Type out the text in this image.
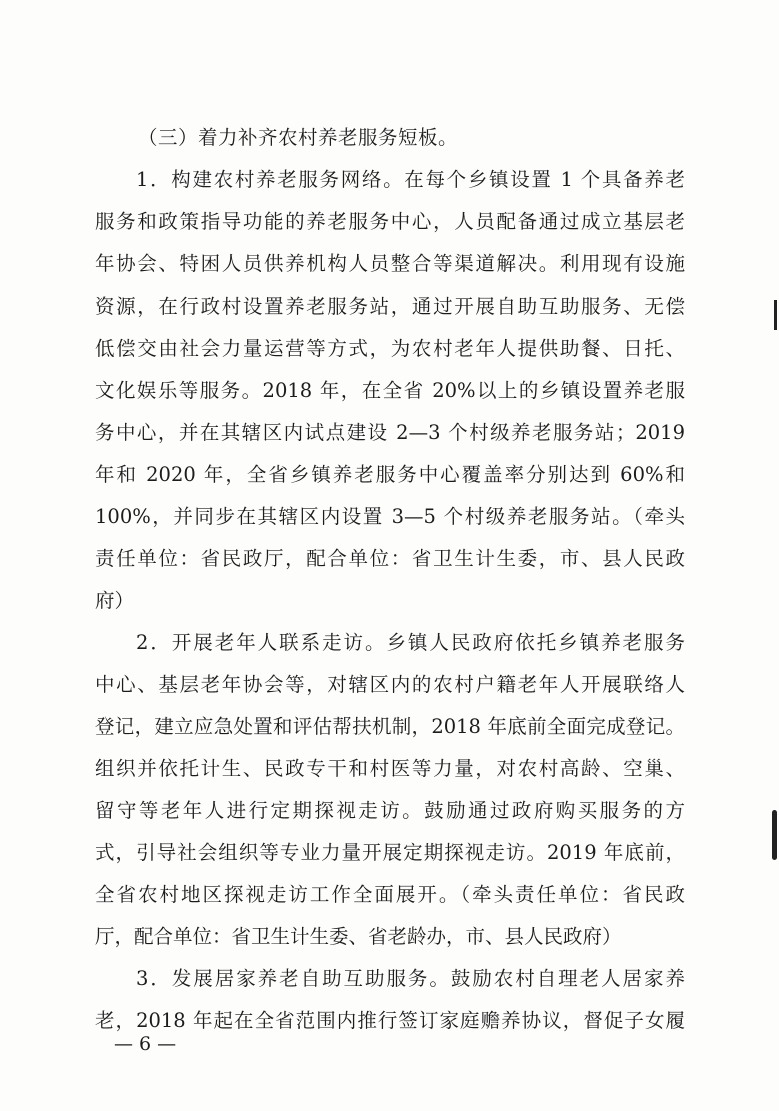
（三）着力补齐农村养老服务短板。
1．构建农村养老服务网络。在每个乡镇设置 1 个具备养老
服务和政策指导功能的养老服务中心，人员配备通过成立基层老
年协会、特困人员供养机构人员整合等渠道解决。利用现有设施
资源，在行政村设置养老服务站，通过开展自助互助服务、无偿
低偿交由社会力量运营等方式，为农村老年人提供助餐、日托、
文化娱乐等服务。2018 年，在全省 20%以上的乡镇设置养老服
务中心，并在其辖区内试点建设 2—3 个村级养老服务站；2019
年和 2020 年，全省乡镇养老服务中心覆盖率分别达到 60%和
100%，并同步在其辖区内设置 3—5 个村级养老服务站。（牵头
责任单位：省民政厅，配合单位：省卫生计生委，市、县人民政
府）
2．开展老年人联系走访。乡镇人民政府依托乡镇养老服务
中心、基层老年协会等，对辖区内的农村户籍老年人开展联络人
登记，建立应急处置和评估帮扶机制，2018 年底前全面完成登记。
组织并依托计生、民政专干和村医等力量，对农村高龄、空巢、
留守等老年人进行定期探视走访。鼓励通过政府购买服务的方
式，引导社会组织等专业力量开展定期探视走访。2019 年底前，
全省农村地区探视走访工作全面展开。（牵头责任单位：省民政
厅，配合单位：省卫生计生委、省老龄办，市、县人民政府）
3．发展居家养老自助互助服务。鼓励农村自理老人居家养
老，2018 年起在全省范围内推行签订家庭赡养协议，督促子女履
— 6 —
